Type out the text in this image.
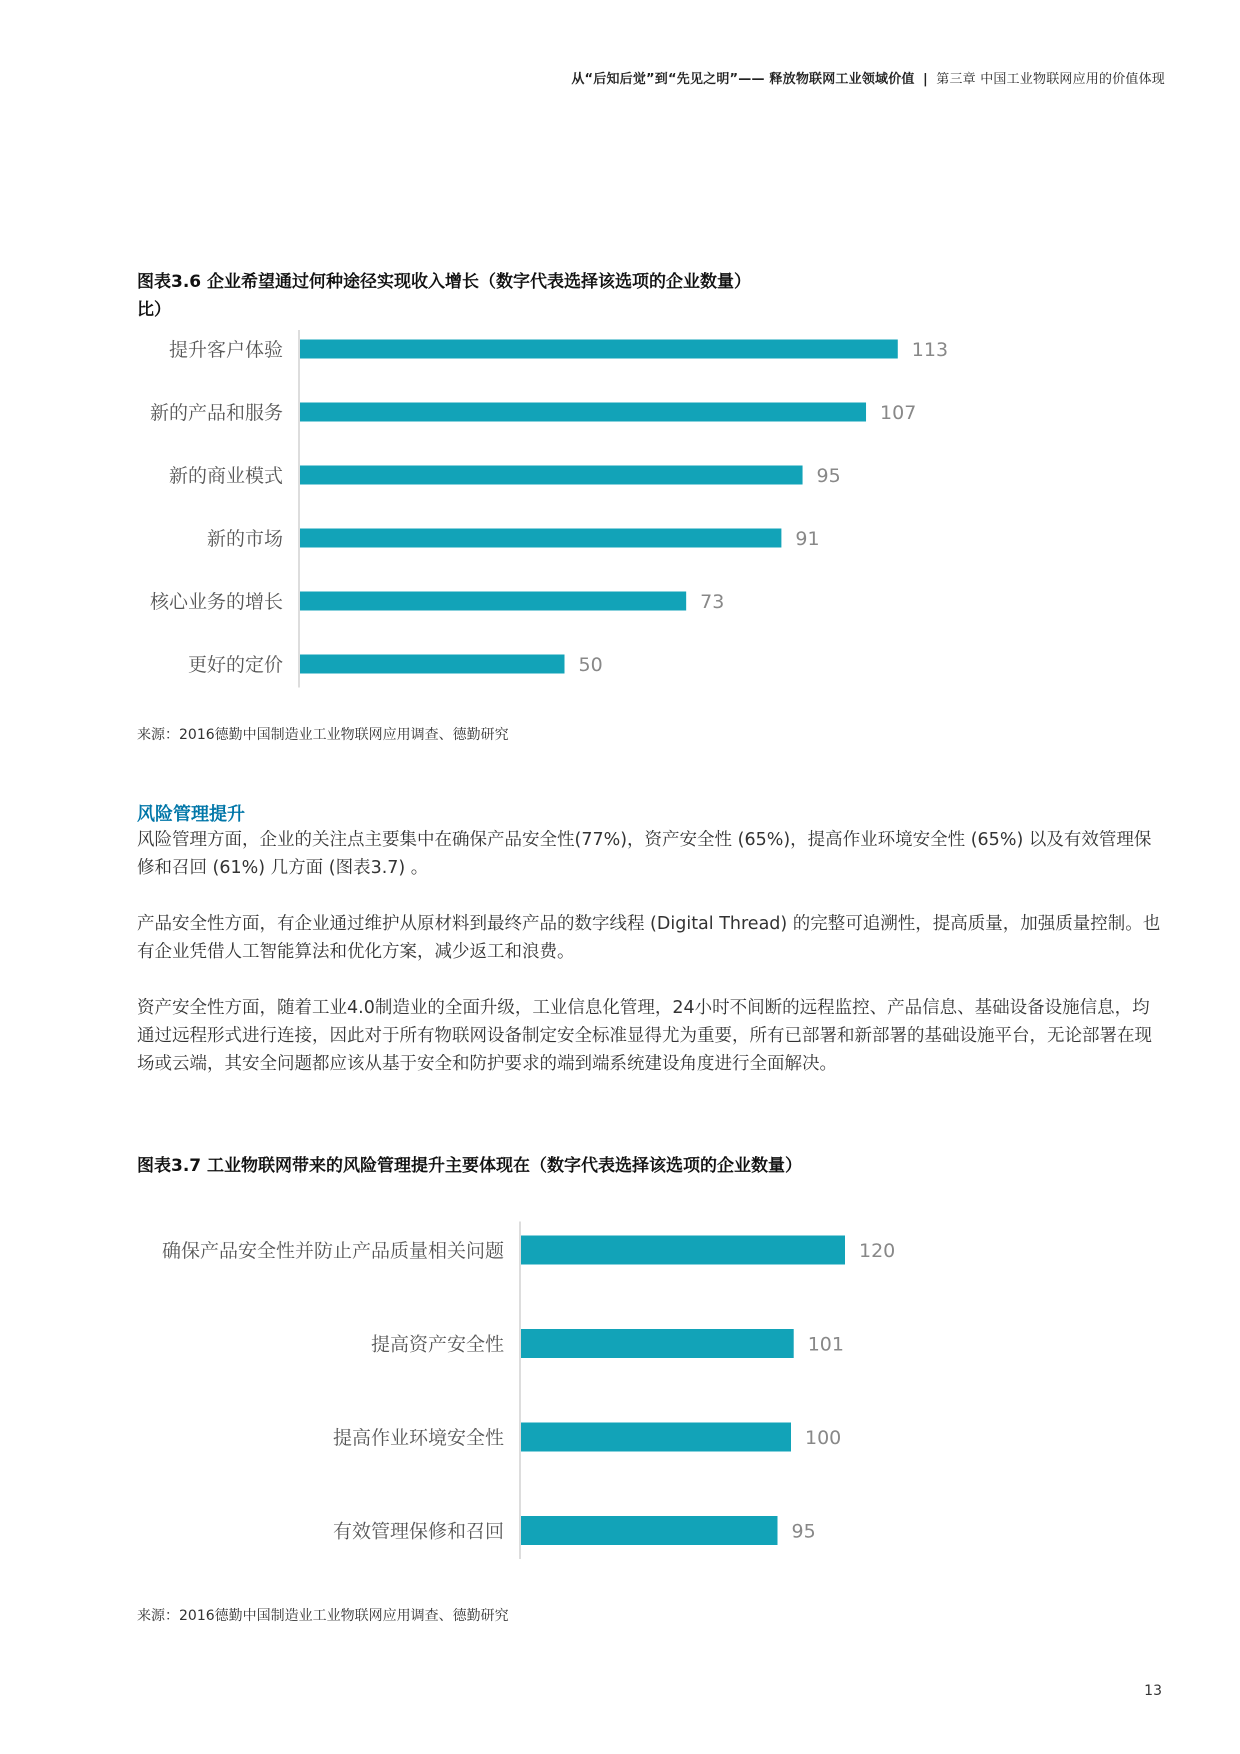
从“后知后觉”到“先见之明”—— 释放物联网工业领域价值 | 第三章 中国工业物联网应用的价值体现
图表3.6 企业希望通过何种途径实现收入增长（数字代表选择该选项的企业数量）
比）
提升客户体验	113
新的产品和服务	107
新的商业模式	95
新的市场	91
核心业务的增长	73
更好的定价	50
来源：2016德勤中国制造业工业物联网应用调查、德勤研究
风险管理提升

风险管理方面，企业的关注点主要集中在确保产品安全性(77%)，资产安全性 (65%)，提高作业环境安全性 (65%) 以及有效管理保修和召回 (61%) 几方面 (图表3.7) 。

产品安全性方面，有企业通过维护从原材料到最终产品的数字线程 (Digital Thread) 的完整可追溯性，提高质量，加强质量控制。也有企业凭借人工智能算法和优化方案，减少返工和浪费。

资产安全性方面，随着工业4.0制造业的全面升级，工业信息化管理，24小时不间断的远程监控、产品信息、基础设备设施信息，均通过远程形式进行连接，因此对于所有物联网设备制定安全标准显得尤为重要，所有已部署和新部署的基础设施平台，无论部署在现场或云端，其安全问题都应该从基于安全和防护要求的端到端系统建设角度进行全面解决。

图表3.7 工业物联网带来的风险管理提升主要体现在（数字代表选择该选项的企业数量）
确保产品安全性并防止产品质量相关问题	120
提高资产安全性	101
提高作业环境安全性	100
有效管理保修和召回	95
来源：2016德勤中国制造业工业物联网应用调查、德勤研究
13
